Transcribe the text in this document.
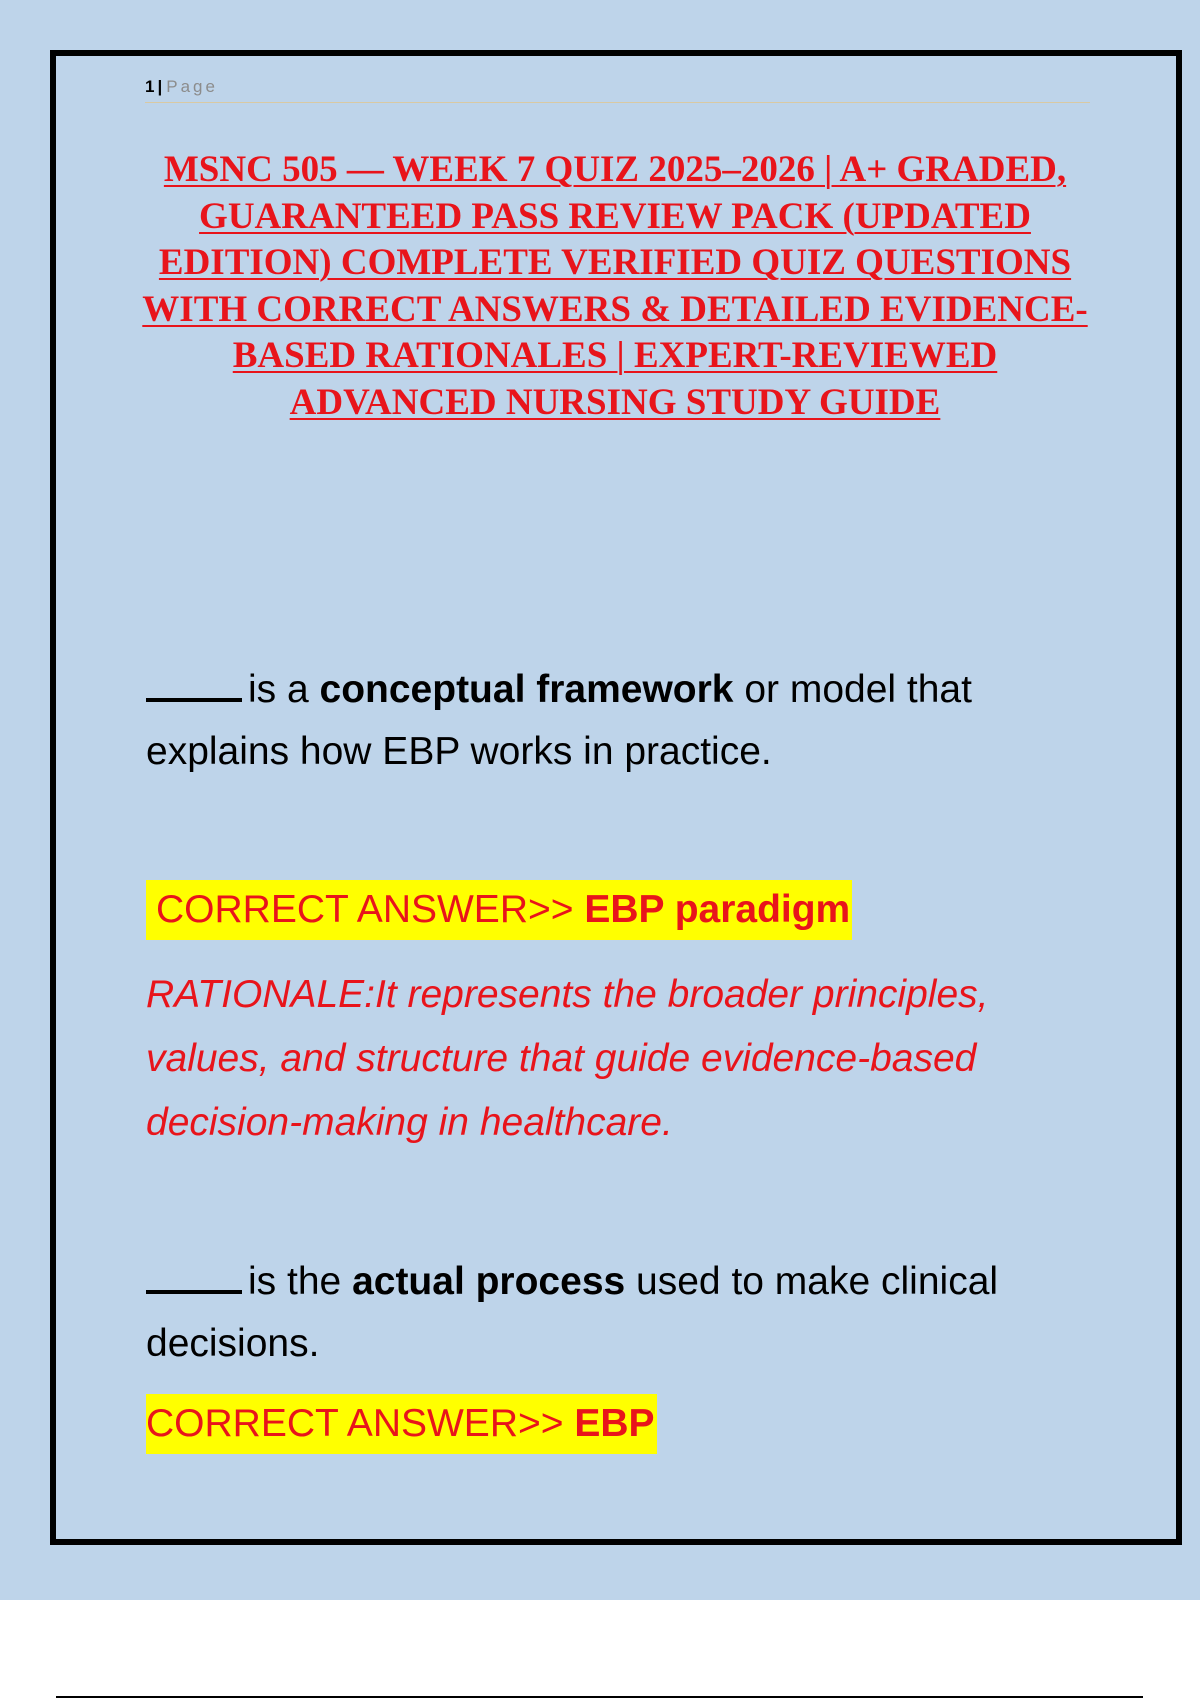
1 | Page
MSNC 505 — WEEK 7 QUIZ 2025–2026 | A+ GRADED, GUARANTEED PASS REVIEW PACK (UPDATED EDITION) COMPLETE VERIFIED QUIZ QUESTIONS WITH CORRECT ANSWERS & DETAILED EVIDENCE-BASED RATIONALES | EXPERT-REVIEWED ADVANCED NURSING STUDY GUIDE

is a conceptual framework or model that explains how EBP works in practice.

CORRECT ANSWER>> EBP paradigm

RATIONALE:It represents the broader principles, values, and structure that guide evidence-based decision-making in healthcare.

is the actual process used to make clinical decisions.

CORRECT ANSWER>> EBP
